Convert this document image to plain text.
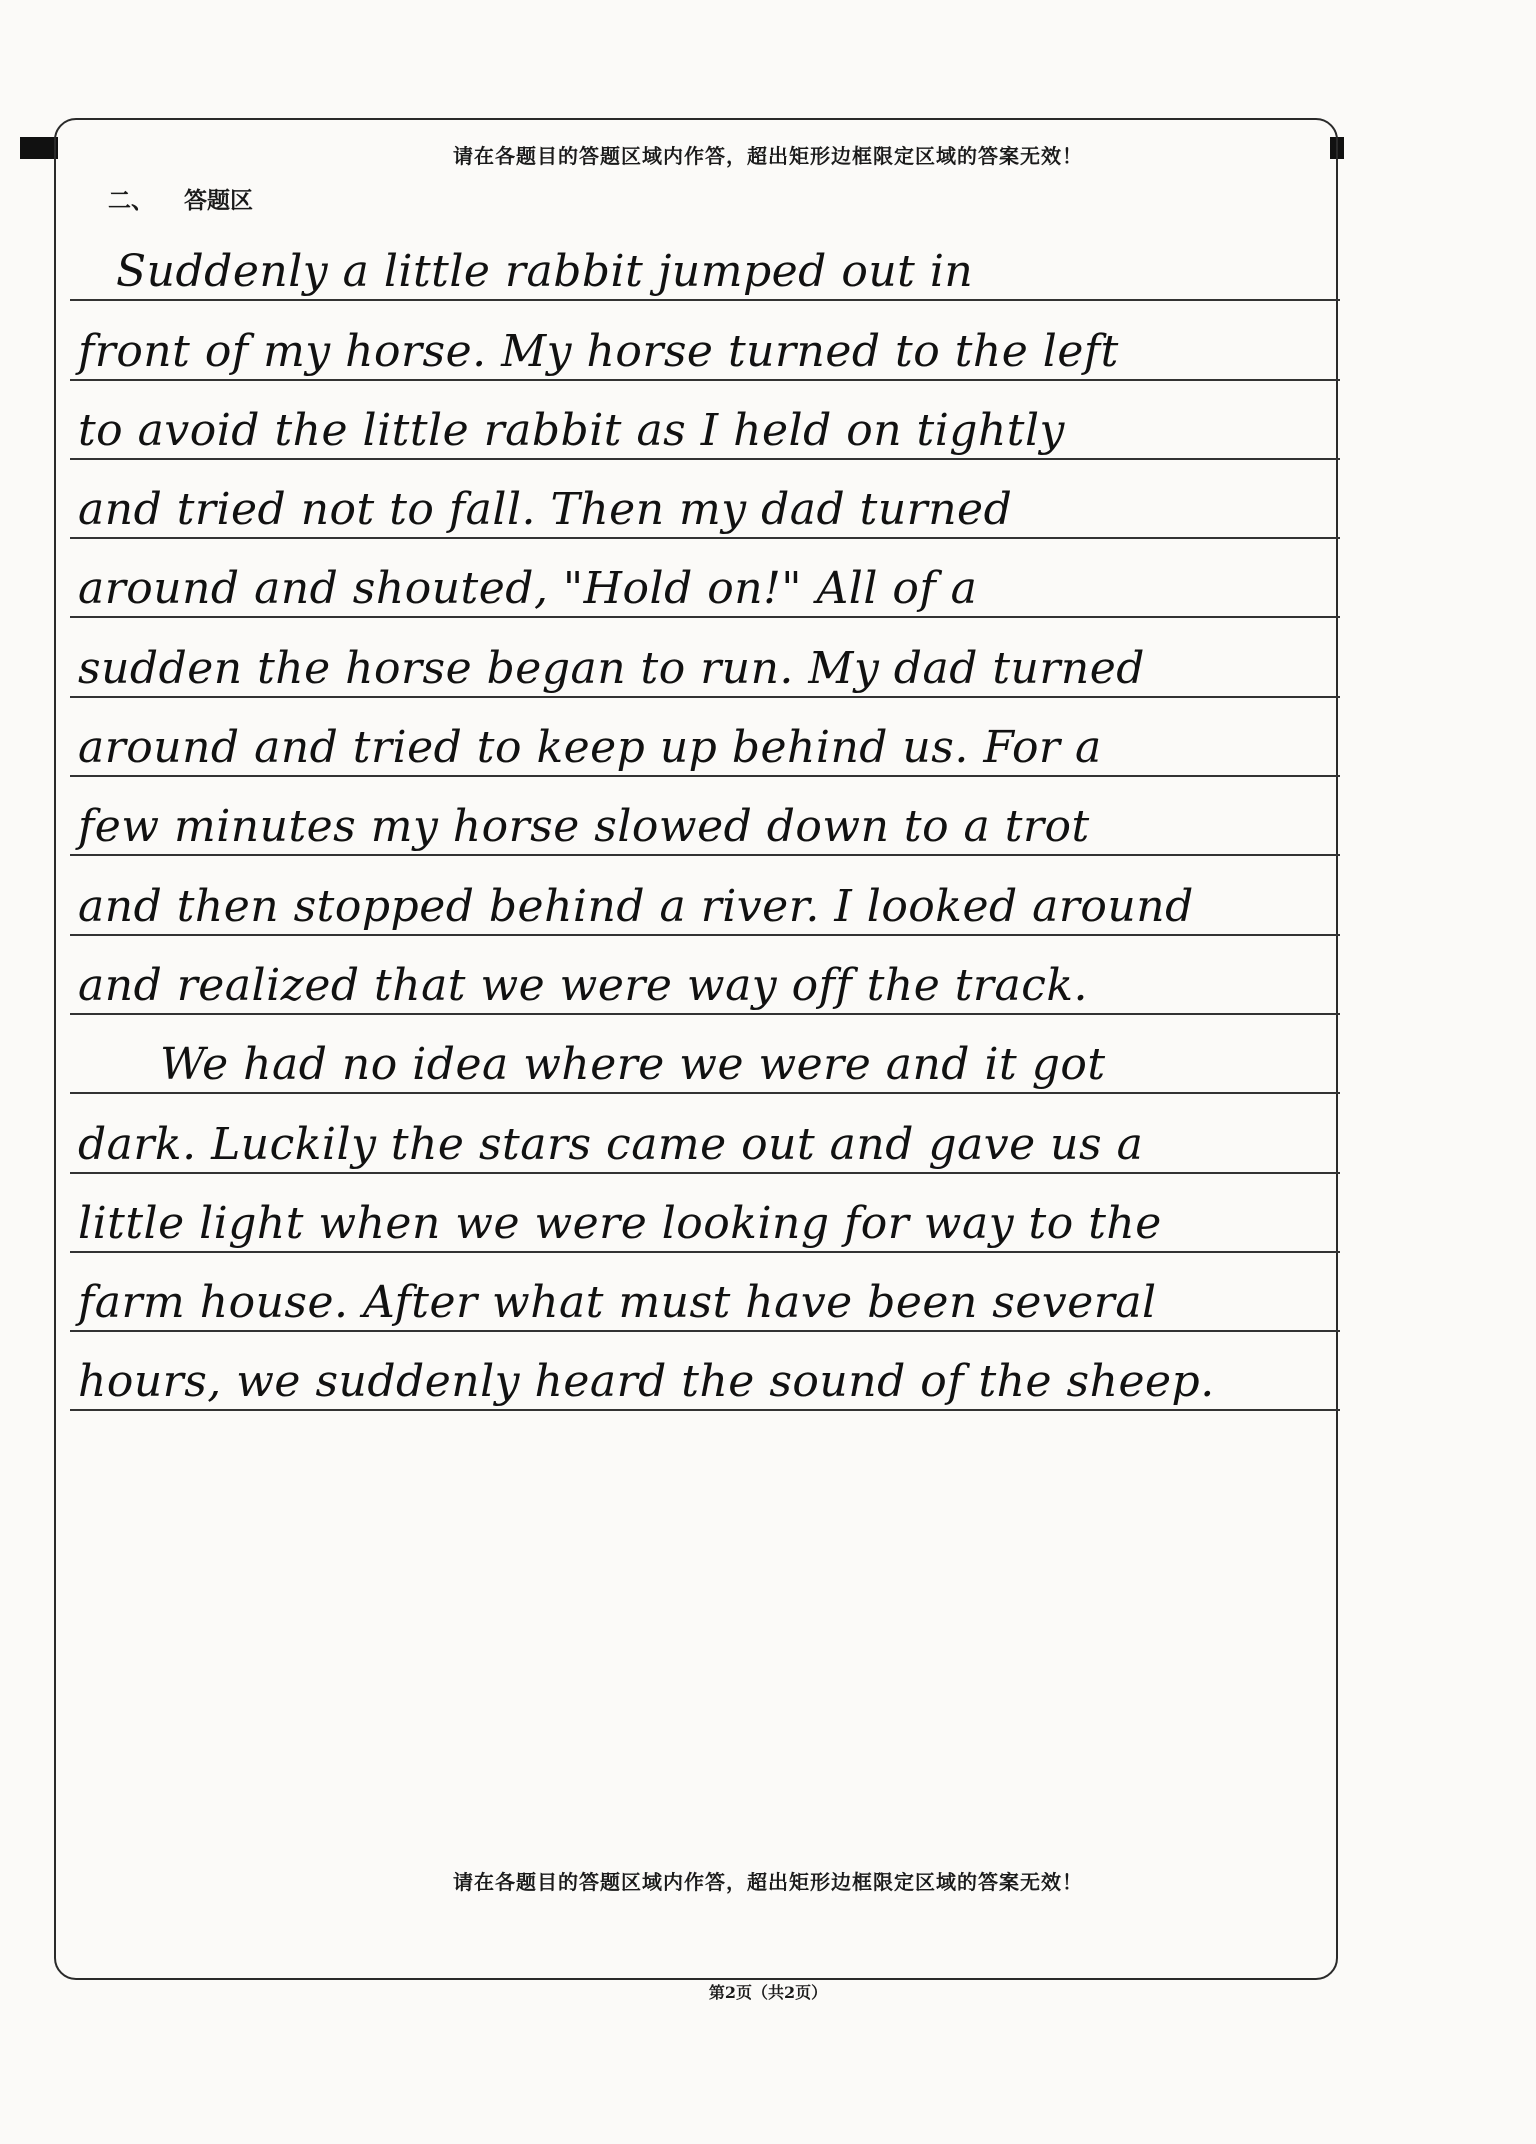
请在各题目的答题区域内作答，超出矩形边框限定区域的答案无效！
二、 答题区
Suddenly a little rabbit jumped out in
front of my horse. My horse turned to the left
to avoid the little rabbit as I held on tightly
and tried not to fall. Then my dad turned
around and shouted, "Hold on!" All of a
sudden the horse began to run. My dad turned
around and tried to keep up behind us. For a
few minutes my horse slowed down to a trot
and then stopped behind a river. I looked around
and realized that we were way off the track.
We had no idea where we were and it got
dark. Luckily the stars came out and gave us a
little light when we were looking for way to the
farm house. After what must have been several
hours, we suddenly heard the sound of the sheep.
请在各题目的答题区域内作答，超出矩形边框限定区域的答案无效！
第2页（共2页）
